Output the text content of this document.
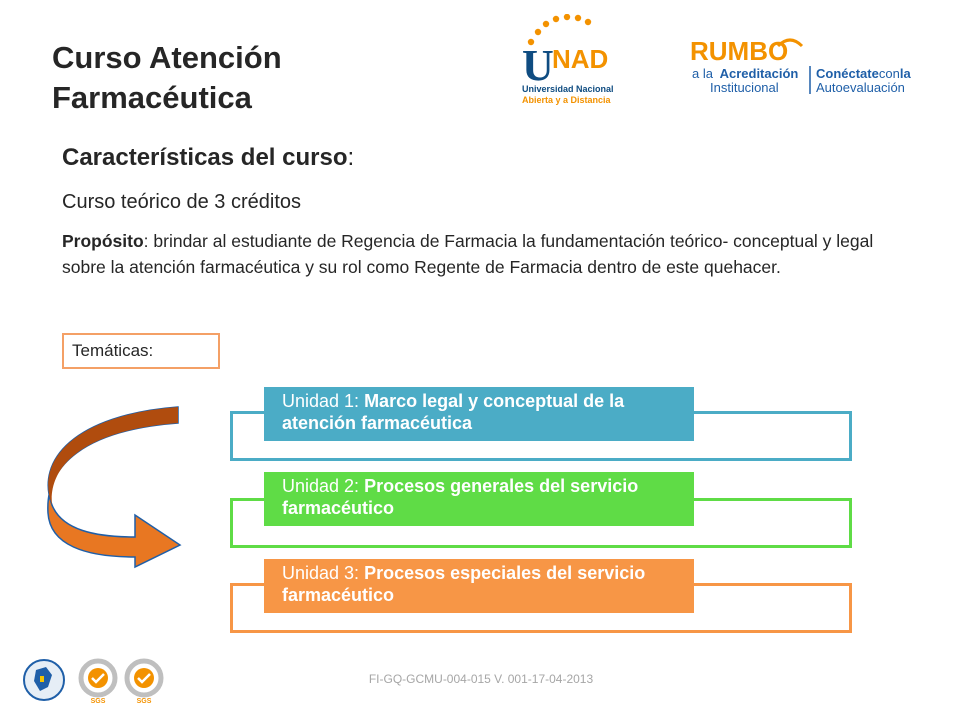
Curso Atención
Farmacéutica
U
NAD
Universidad Nacional
Abierta y a Distancia
RUMBO
a la Acreditación
Institucional
Conéctateconla
Autoevaluación
Características del curso:
Curso teórico de 3 créditos
Propósito: brindar al estudiante de Regencia de Farmacia la fundamentación teórico- conceptual y legal sobre la atención farmacéutica y su rol como Regente de Farmacia dentro de este quehacer.
Temáticas:
Unidad 1: Marco legal y conceptual de la atención farmacéutica
Unidad 2: Procesos generales del servicio farmacéutico
Unidad 3: Procesos especiales del servicio farmacéutico
SGS	SGS
FI-GQ-GCMU-004-015 V. 001-17-04-2013
